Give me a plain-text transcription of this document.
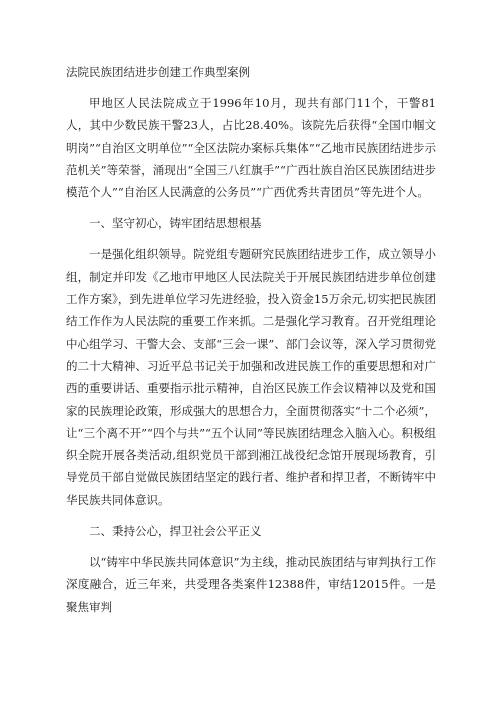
法院民族团结进步创建工作典型案例

甲地区人民法院成立于1996年10月，现共有部门11个，干警81人，其中少数民族干警23人，占比28.40%。该院先后获得“全国巾帼文明岗”“自治区文明单位”“全区法院办案标兵集体”“乙地市民族团结进步示范机关”等荣誉，涌现出“全国三八红旗手”“广西壮族自治区民族团结进步模范个人”“自治区人民满意的公务员”“广西优秀共青团员”等先进个人。

一、坚守初心，铸牢团结思想根基

一是强化组织领导。院党组专题研究民族团结进步工作，成立领导小组，制定并印发《乙地市甲地区人民法院关于开展民族团结进步单位创建工作方案》，到先进单位学习先进经验，投入资金15万余元,切实把民族团结工作作为人民法院的重要工作来抓。二是强化学习教育。召开党组理论中心组学习、干警大会、支部“三会一课”、部门会议等，深入学习贯彻党的二十大精神、习近平总书记关于加强和改进民族工作的重要思想和对广西的重要讲话、重要指示批示精神，自治区民族工作会议精神以及党和国家的民族理论政策，形成强大的思想合力，全面贯彻落实“十二个必须”，让“三个离不开”“四个与共”“五个认同”等民族团结理念入脑入心。积极组织全院开展各类活动,组织党员干部到湘江战役纪念馆开展现场教育，引导党员干部自觉做民族团结坚定的践行者、维护者和捍卫者，不断铸牢中华民族共同体意识。

二、秉持公心，捍卫社会公平正义

以“铸牢中华民族共同体意识”为主线，推动民族团结与审判执行工作深度融合，近三年来，共受理各类案件12388件，审结12015件。一是聚焦审判
